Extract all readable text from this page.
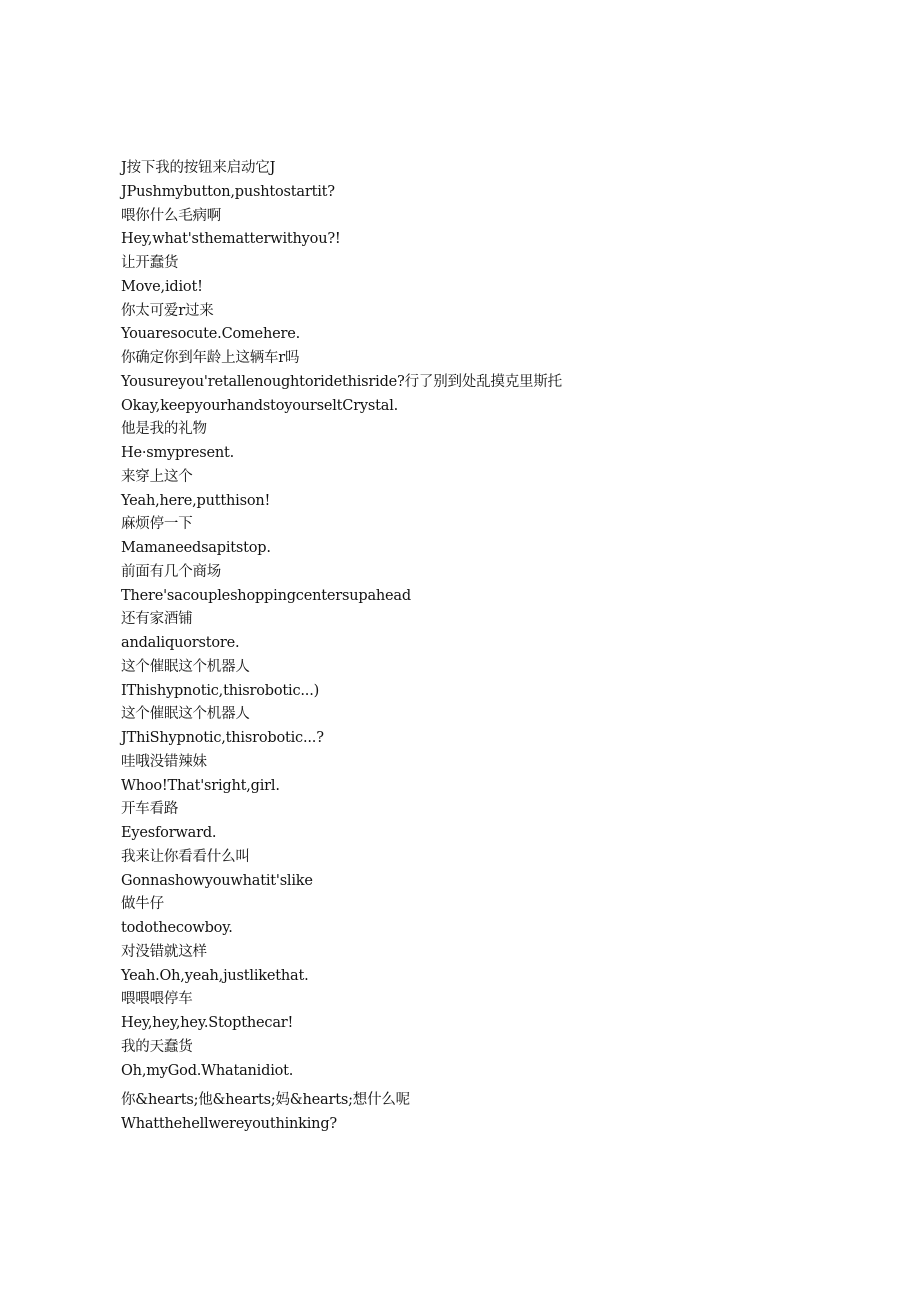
J按下我的按钮来启动它J
JPushmybutton,pushtostartit?
喂你什么毛病啊
Hey,what'sthematterwithyou?!
让开蠢货
Move,idiot!
你太可爱r过来
Youaresocute.Comehere.
你确定你到年龄上这辆车r吗
Yousureyou'retallenoughtoridethisride?行了别到处乱摸克里斯托
Okay,keepyourhandstoyourseltCrystal.
他是我的礼物
He·smypresent.
来穿上这个
Yeah,here,putthison!
麻烦停一下
Mamaneedsapitstop.
前面有几个商场
There'sacoupleshoppingcentersupahead
还有家酒铺
andaliquorstore.
这个催眠这个机器人
IThishypnotic,thisrobotic...)
这个催眠这个机器人
JThiShypnotic,thisrobotic...?
哇哦没错辣妹
Whoo!That'sright,girl.
开车看路
Eyesforward.
我来让你看看什么叫
Gonnashowyouwhatit'slike
做牛仔
todothecowboy.
对没错就这样
Yeah.Oh,yeah,justlikethat.
喂喂喂停车
Hey,hey,hey.Stopthecar!
我的天蠢货
Oh,myGod.Whatanidiot.
你&hearts;他&hearts;妈&hearts;想什么呢
Whatthehellwereyouthinking?
